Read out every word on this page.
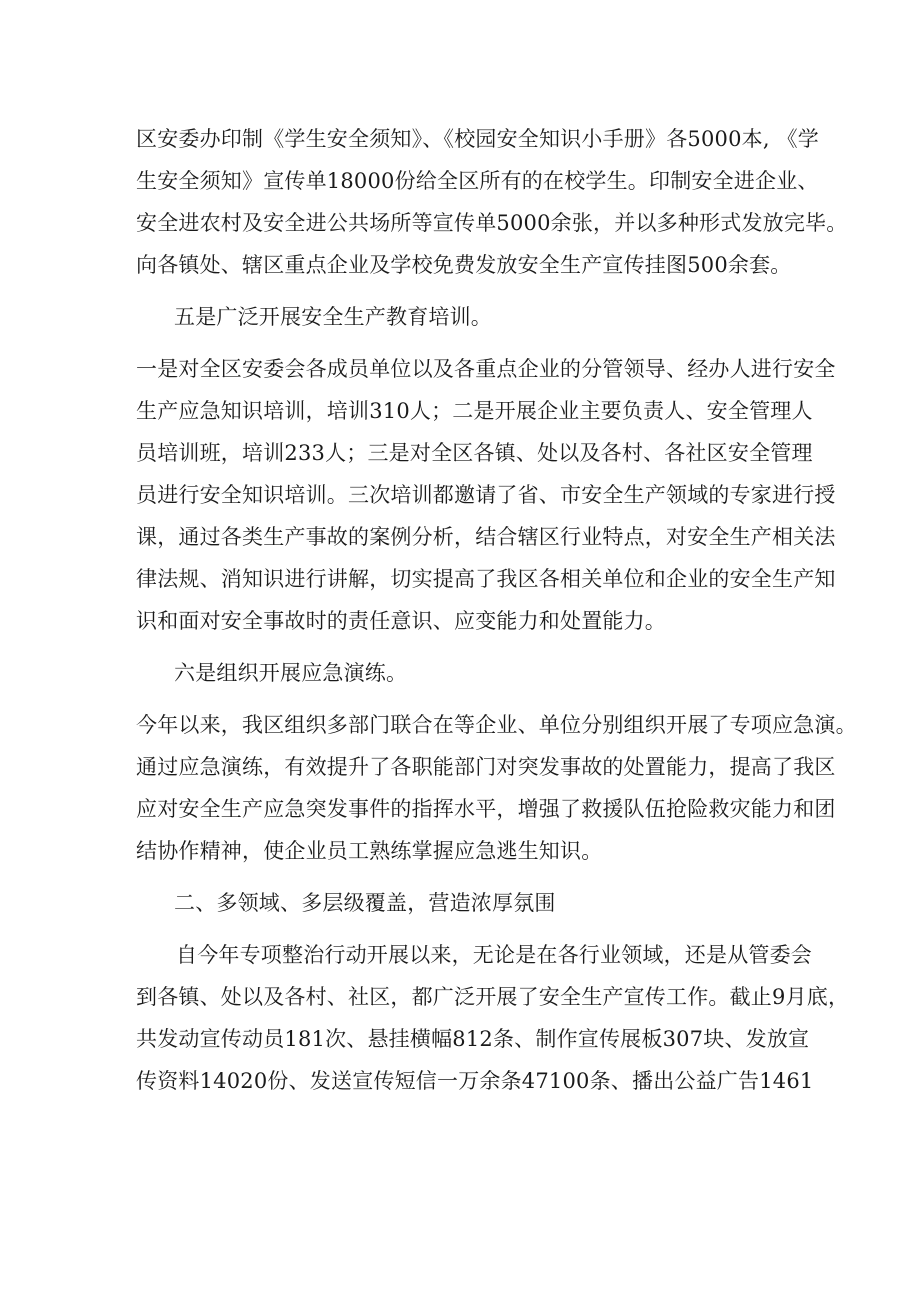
区安委办印制《学生安全须知》、《校园安全知识小手册》各5000本, 《学
生安全须知》宣传单18000份给全区所有的在校学生。印制安全进企业、
安全进农村及安全进公共场所等宣传单5000余张，并以多种形式发放完毕。
向各镇处、辖区重点企业及学校免费发放安全生产宣传挂图500余套。
五是广泛开展安全生产教育培训。
一是对全区安委会各成员单位以及各重点企业的分管领导、经办人进行安全
生产应急知识培训，培训310人；二是开展企业主要负责人、安全管理人
员培训班，培训233人；三是对全区各镇、处以及各村、各社区安全管理
员进行安全知识培训。三次培训都邀请了省、市安全生产领域的专家进行授
课，通过各类生产事故的案例分析，结合辖区行业特点，对安全生产相关法
律法规、消知识进行讲解，切实提高了我区各相关单位和企业的安全生产知
识和面对安全事故时的责任意识、应变能力和处置能力。
六是组织开展应急演练。
今年以来，我区组织多部门联合在等企业、单位分别组织开展了专项应急演。
通过应急演练，有效提升了各职能部门对突发事故的处置能力，提高了我区
应对安全生产应急突发事件的指挥水平，增强了救援队伍抢险救灾能力和团
结协作精神，使企业员工熟练掌握应急逃生知识。
二、多领域、多层级覆盖，营造浓厚氛围
自今年专项整治行动开展以来，无论是在各行业领域，还是从管委会
到各镇、处以及各村、社区，都广泛开展了安全生产宣传工作。截止9月底，
共发动宣传动员181次、悬挂横幅812条、制作宣传展板307块、发放宣
传资料14020份、发送宣传短信一万余条47100条、播出公益广告1461
